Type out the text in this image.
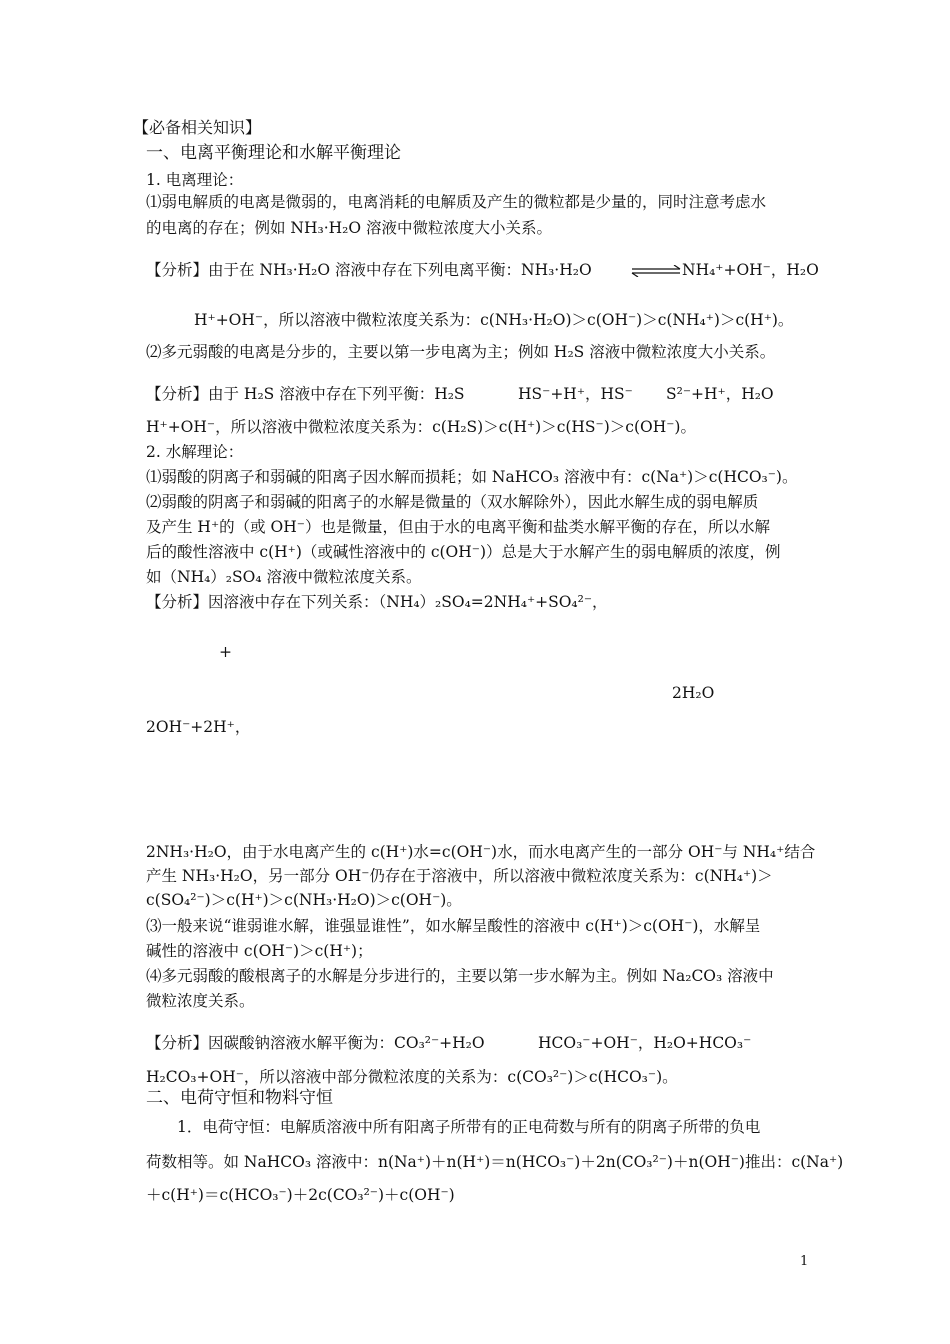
【必备相关知识】
一、电离平衡理论和水解平衡理论
1. 电离理论：
⑴弱电解质的电离是微弱的，电离消耗的电解质及产生的微粒都是少量的，同时注意考虑水
的电离的存在；例如 NH₃·H₂O 溶液中微粒浓度大小关系。
【分析】由于在 NH₃·H₂O 溶液中存在下列电离平衡：NH₃·H₂O	NH₄⁺+OH⁻，H₂O
H⁺+OH⁻，所以溶液中微粒浓度关系为：c(NH₃·H₂O)＞c(OH⁻)＞c(NH₄⁺)＞c(H⁺)。
⑵多元弱酸的电离是分步的，主要以第一步电离为主；例如 H₂S 溶液中微粒浓度大小关系。
【分析】由于 H₂S 溶液中存在下列平衡：H₂S	HS⁻+H⁺，HS⁻ S²⁻+H⁺，H₂O
H⁺+OH⁻，所以溶液中微粒浓度关系为：c(H₂S)＞c(H⁺)＞c(HS⁻)＞c(OH⁻)。
2. 水解理论：
⑴弱酸的阴离子和弱碱的阳离子因水解而损耗；如 NaHCO₃ 溶液中有：c(Na⁺)＞c(HCO₃⁻)。
⑵弱酸的阴离子和弱碱的阳离子的水解是微量的（双水解除外），因此水解生成的弱电解质
及产生 H⁺的（或 OH⁻）也是微量，但由于水的电离平衡和盐类水解平衡的存在，所以水解
后的酸性溶液中 c(H⁺)（或碱性溶液中的 c(OH⁻)）总是大于水解产生的弱电解质的浓度，例
如（NH₄）₂SO₄ 溶液中微粒浓度关系。
【分析】因溶液中存在下列关系：（NH₄）₂SO₄=2NH₄⁺+SO₄²⁻，
+
2H₂O
2OH⁻+2H⁺，
2NH₃·H₂O，由于水电离产生的 c(H⁺)水=c(OH⁻)水，而水电离产生的一部分 OH⁻与 NH₄⁺结合
产生 NH₃·H₂O，另一部分 OH⁻仍存在于溶液中，所以溶液中微粒浓度关系为：c(NH₄⁺)＞
c(SO₄²⁻)＞c(H⁺)＞c(NH₃·H₂O)＞c(OH⁻)。
⑶一般来说“谁弱谁水解，谁强显谁性”，如水解呈酸性的溶液中 c(H⁺)＞c(OH⁻)，水解呈
碱性的溶液中 c(OH⁻)＞c(H⁺)；
⑷多元弱酸的酸根离子的水解是分步进行的，主要以第一步水解为主。例如 Na₂CO₃ 溶液中
微粒浓度关系。
【分析】因碳酸钠溶液水解平衡为：CO₃²⁻+H₂O	HCO₃⁻+OH⁻，H₂O+HCO₃⁻
H₂CO₃+OH⁻，所以溶液中部分微粒浓度的关系为：c(CO₃²⁻)＞c(HCO₃⁻)。
二、电荷守恒和物料守恒
1．电荷守恒：电解质溶液中所有阳离子所带有的正电荷数与所有的阴离子所带的负电
荷数相等。如 NaHCO₃ 溶液中：n(Na⁺)＋n(H⁺)＝n(HCO₃⁻)＋2n(CO₃²⁻)＋n(OH⁻)推出：c(Na⁺)
＋c(H⁺)＝c(HCO₃⁻)＋2c(CO₃²⁻)＋c(OH⁻)
1
